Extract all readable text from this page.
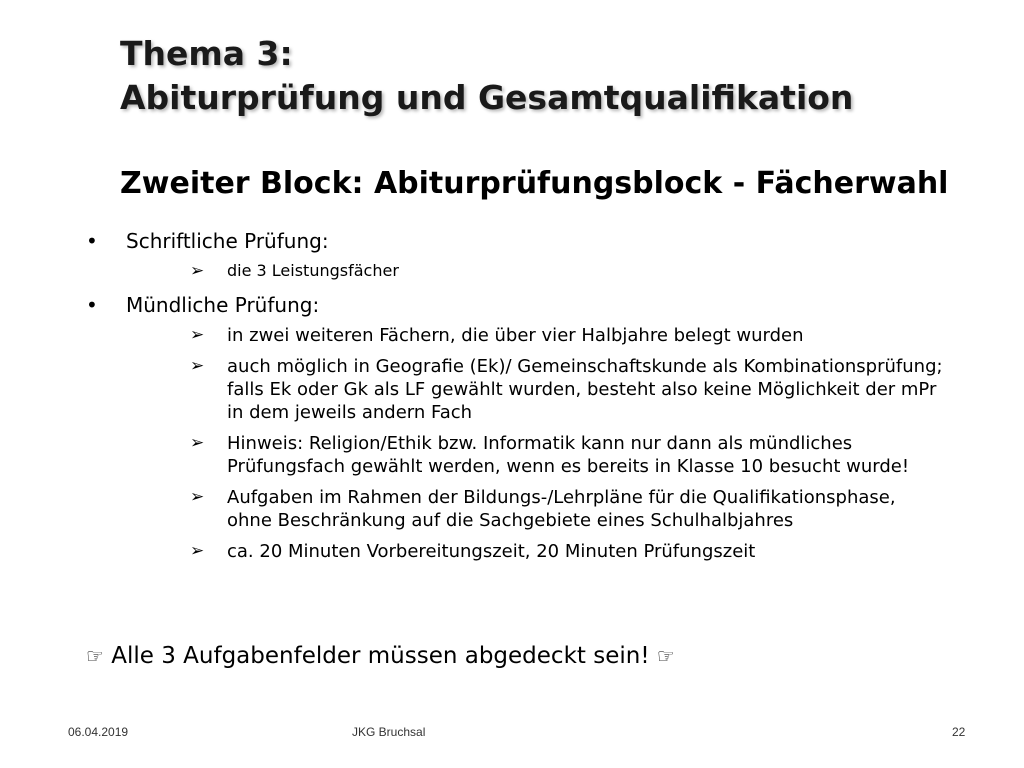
Thema 3:
Abiturprüfung und Gesamtqualifikation
Zweiter Block: Abiturprüfungsblock - Fächerwahl
• Schriftliche Prüfung:
➢ die 3 Leistungsfächer
• Mündliche Prüfung:
➢ in zwei weiteren Fächern, die über vier Halbjahre belegt wurden
➢ auch möglich in Geografie (Ek)/ Gemeinschaftskunde als Kombinationsprüfung; falls Ek oder Gk als LF gewählt wurden, besteht also keine Möglichkeit der mPr in dem jeweils andern Fach
➢ Hinweis: Religion/Ethik bzw. Informatik kann nur dann als mündliches Prüfungsfach gewählt werden, wenn es bereits in Klasse 10 besucht wurde!
➢ Aufgaben im Rahmen der Bildungs-/Lehrpläne für die Qualifikationsphase, ohne Beschränkung auf die Sachgebiete eines Schulhalbjahres
➢ ca. 20 Minuten Vorbereitungszeit, 20 Minuten Prüfungszeit
☞ Alle 3 Aufgabenfelder müssen abgedeckt sein! ☞
06.04.2019	JKG Bruchsal	22
